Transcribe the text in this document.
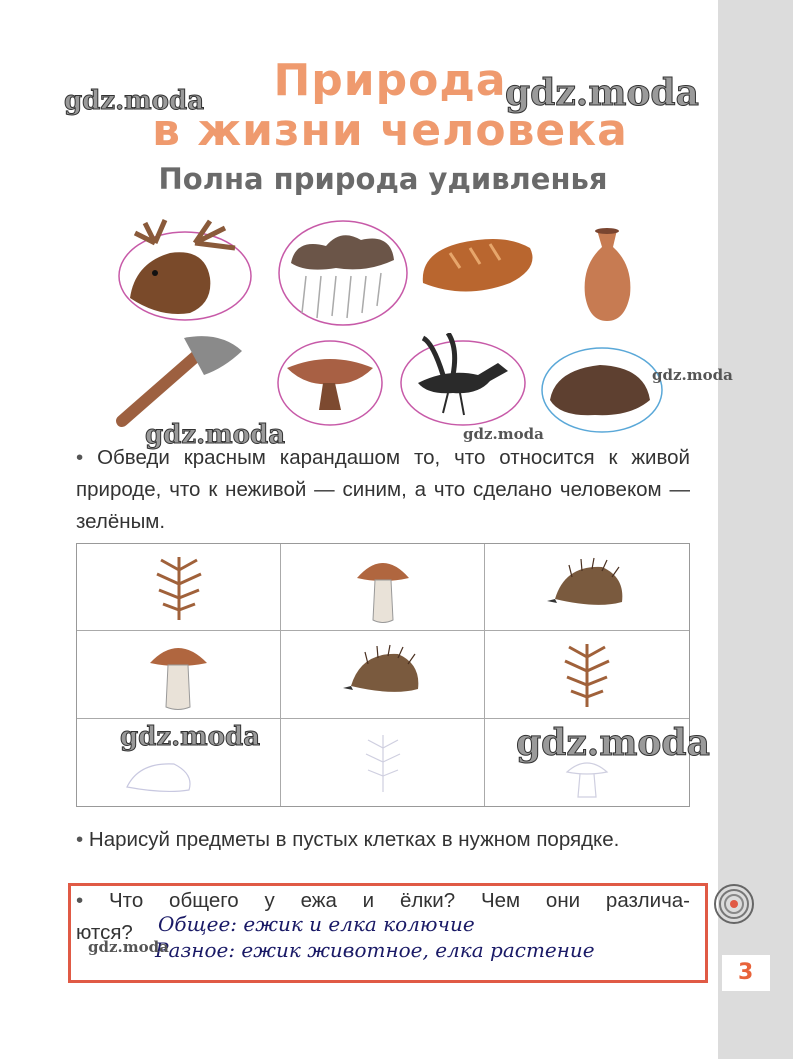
3
Природа
в жизни человека
Полна природа удивленья

• Обведи красным карандашом то, что относится к живой природе, что к неживой — синим, а что сделано человеком — зелёным.

• Нарисуй предметы в пустых клетках в нужном порядке.

• Что общего у ежа и ёлки? Чем они различа-
ются?	Общее: ежик и елка колючие
Разное: ежик животное, елка растение
gdz.moda	gdz.moda
gdz.moda
gdz.moda	gdz.moda
gdz.moda	gdz.moda
gdz.moda
